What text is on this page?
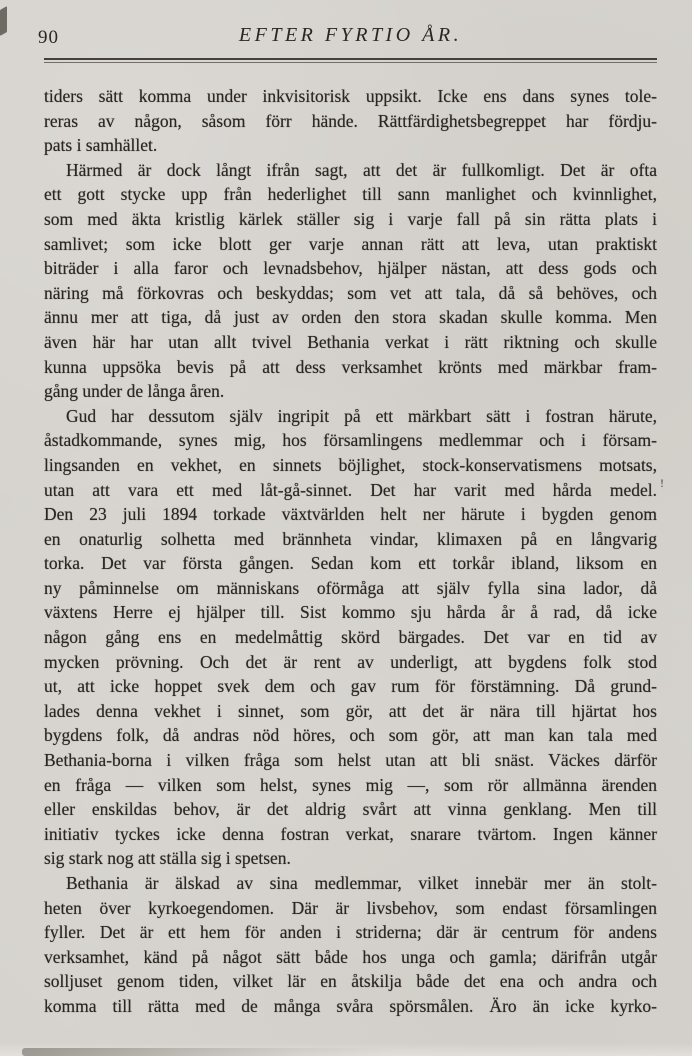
90	EFTER FYRTIO ÅR.
!
tiders sätt komma under inkvisitorisk uppsikt. Icke ens dans synes tole-
reras av någon, såsom förr hände. Rättfärdighetsbegreppet har fördju-
pats i samhället.
Härmed är dock långt ifrån sagt, att det är fullkomligt. Det är ofta
ett gott stycke upp från hederlighet till sann manlighet och kvinnlighet,
som med äkta kristlig kärlek ställer sig i varje fall på sin rätta plats i
samlivet; som icke blott ger varje annan rätt att leva, utan praktiskt
biträder i alla faror och levnadsbehov, hjälper nästan, att dess gods och
näring må förkovras och beskyddas; som vet att tala, då så behöves, och
ännu mer att tiga, då just av orden den stora skadan skulle komma. Men
även här har utan allt tvivel Bethania verkat i rätt riktning och skulle
kunna uppsöka bevis på att dess verksamhet krönts med märkbar fram-
gång under de långa åren.
Gud har dessutom själv ingripit på ett märkbart sätt i fostran härute,
åstadkommande, synes mig, hos församlingens medlemmar och i försam-
lingsanden en vekhet, en sinnets böjlighet, stock-konservatismens motsats,
utan att vara ett med låt-gå-sinnet. Det har varit med hårda medel.
Den 23 juli 1894 torkade växtvärlden helt ner härute i bygden genom
en onaturlig solhetta med brännheta vindar, klimaxen på en långvarig
torka. Det var första gången. Sedan kom ett torkår ibland, liksom en
ny påminnelse om människans oförmåga att själv fylla sina lador, då
växtens Herre ej hjälper till. Sist kommo sju hårda år å rad, då icke
någon gång ens en medelmåttig skörd bärgades. Det var en tid av
mycken prövning. Och det är rent av underligt, att bygdens folk stod
ut, att icke hoppet svek dem och gav rum för förstämning. Då grund-
lades denna vekhet i sinnet, som gör, att det är nära till hjärtat hos
bygdens folk, då andras nöd höres, och som gör, att man kan tala med
Bethania-borna i vilken fråga som helst utan att bli snäst. Väckes därför
en fråga — vilken som helst, synes mig —, som rör allmänna ärenden
eller enskildas behov, är det aldrig svårt att vinna genklang. Men till
initiativ tyckes icke denna fostran verkat, snarare tvärtom. Ingen känner
sig stark nog att ställa sig i spetsen.
Bethania är älskad av sina medlemmar, vilket innebär mer än stolt-
heten över kyrkoegendomen. Där är livsbehov, som endast församlingen
fyller. Det är ett hem för anden i striderna; där är centrum för andens
verksamhet, känd på något sätt både hos unga och gamla; därifrån utgår
solljuset genom tiden, vilket lär en åtskilja både det ena och andra och
komma till rätta med de många svåra spörsmålen. Äro än icke kyrko-
